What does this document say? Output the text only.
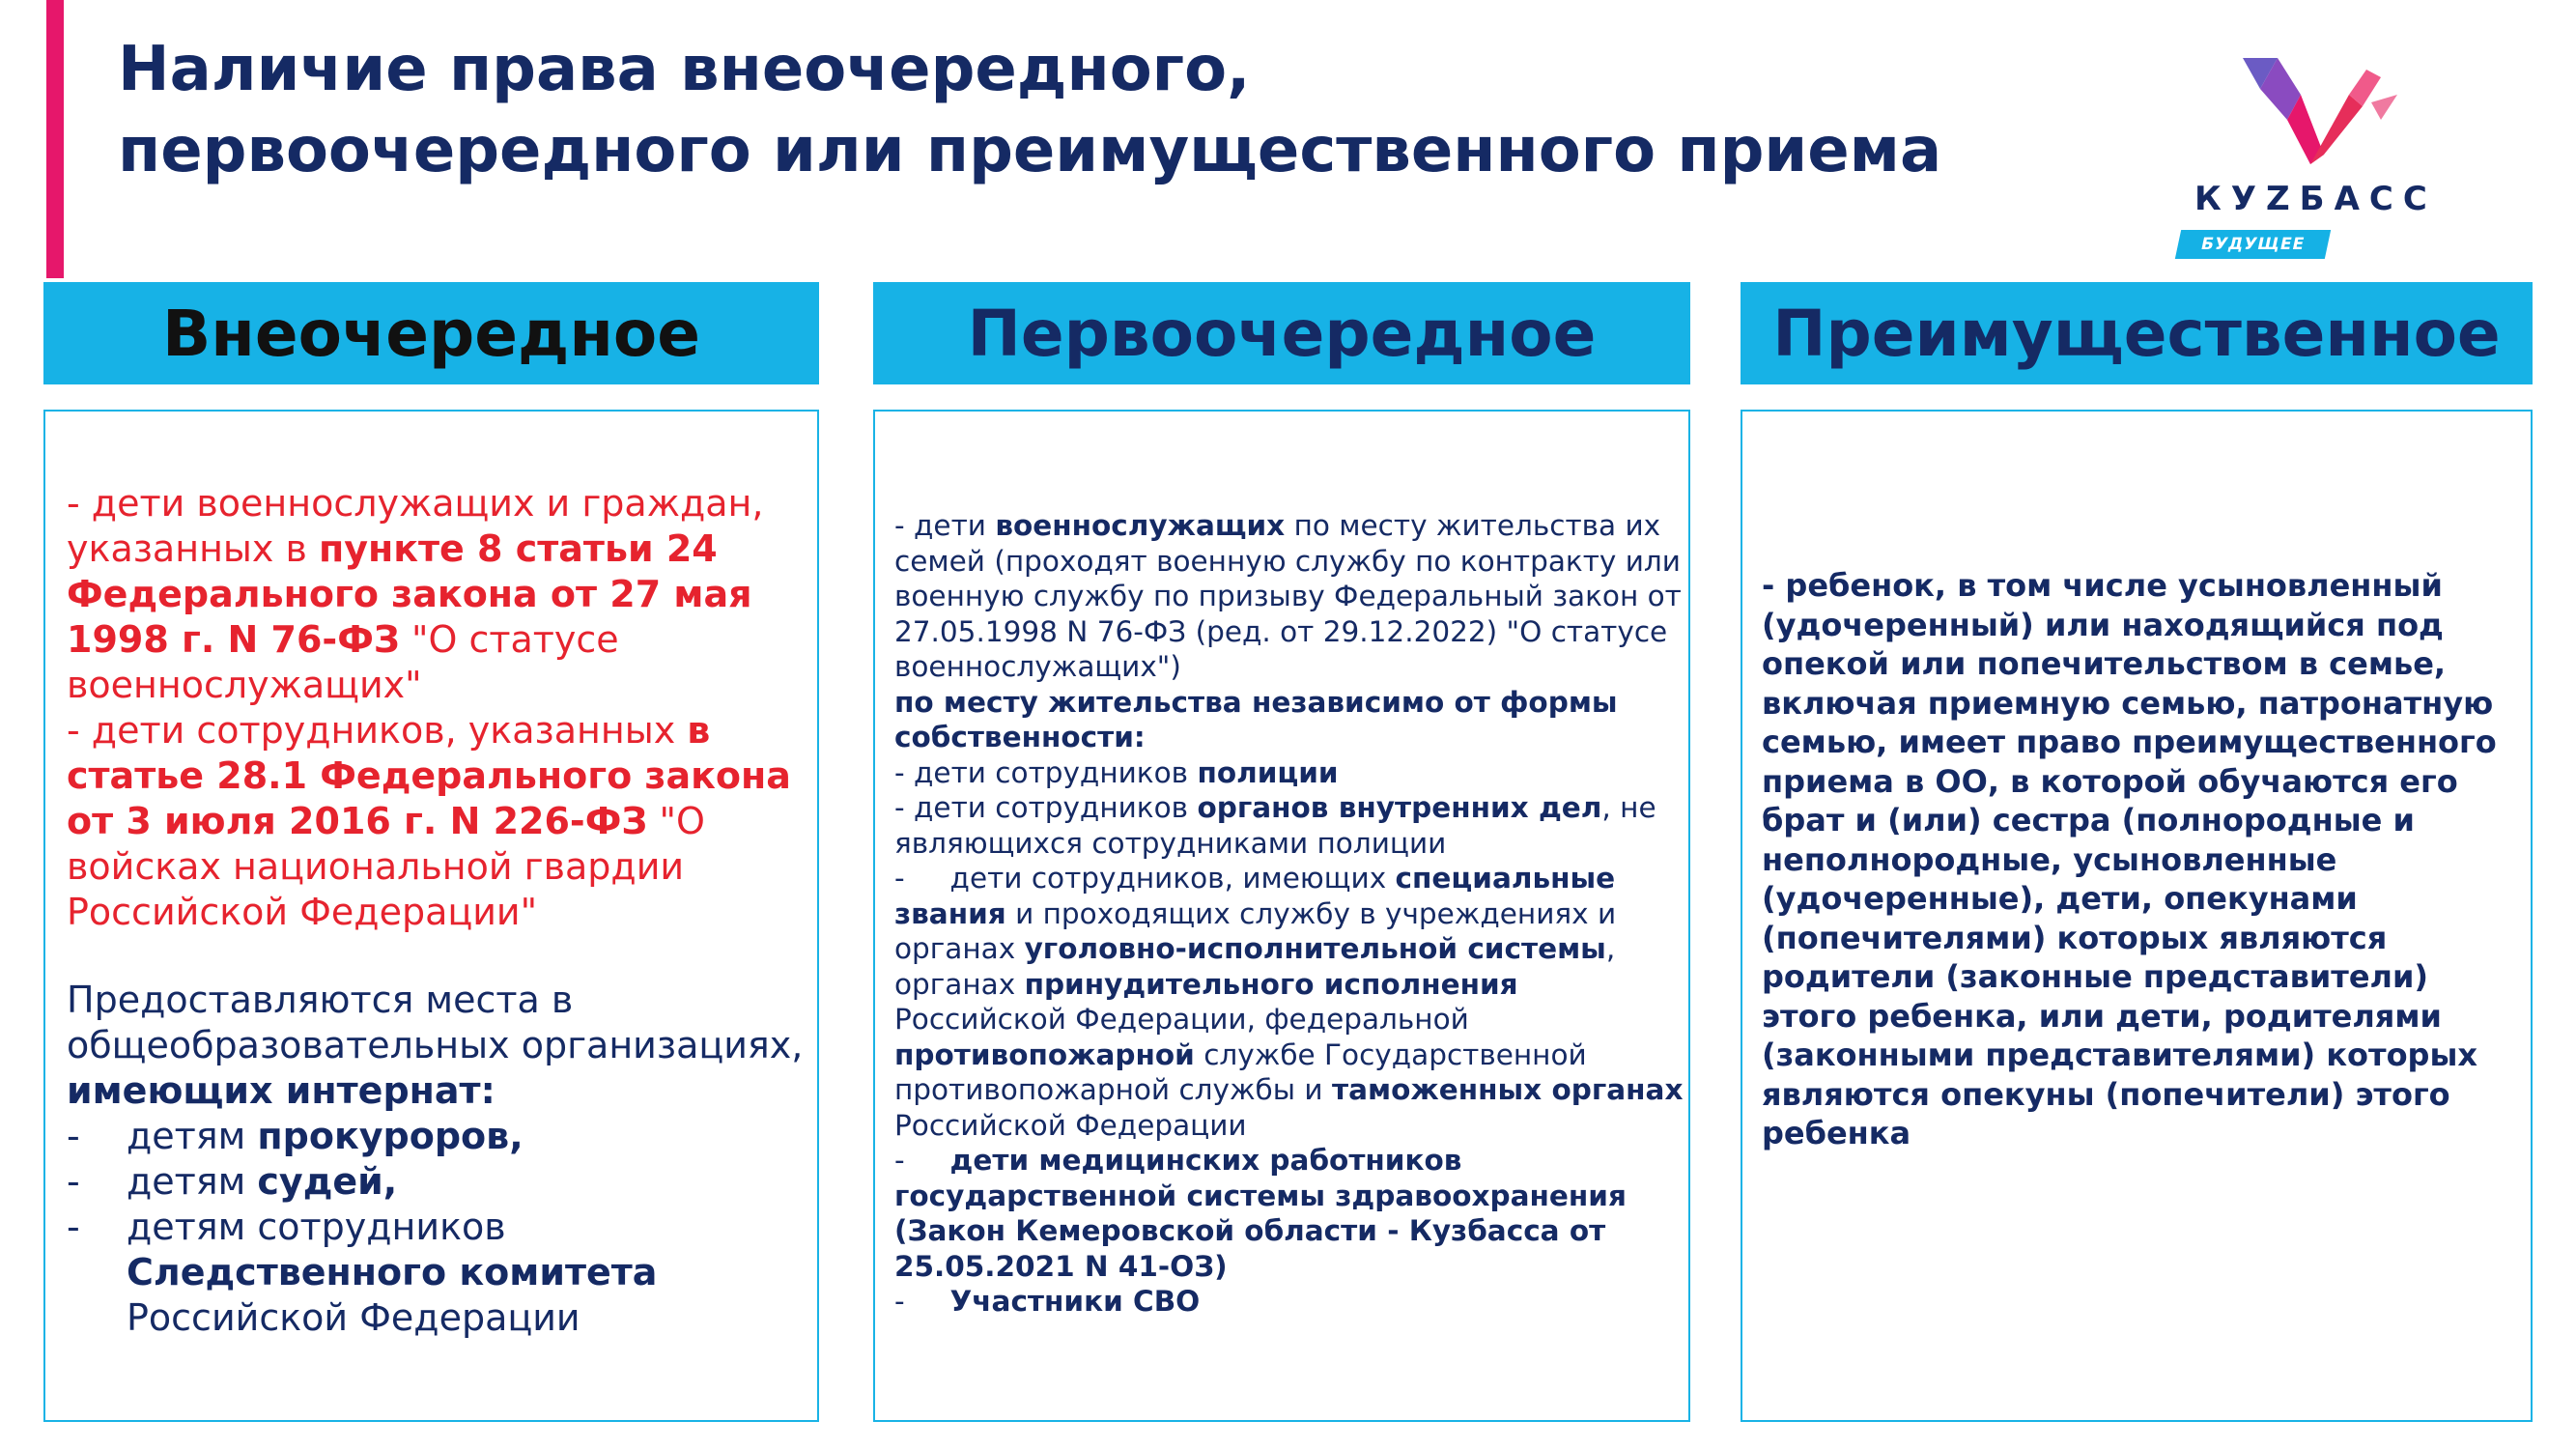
Наличие права внеочередного,
первоочередного или преимущественного приема
КУZБАСС
БУДУЩЕЕ
Внеочередное	Первоочередное	Преимущественное
- дети военнослужащих и граждан, указанных в пункте 8 статьи 24 Федерального закона от 27 мая 1998 г. N 76-ФЗ "О статусе военнослужащих"
- дети сотрудников, указанных в статье 28.1 Федерального закона от 3 июля 2016 г. N 226-ФЗ "О войсках национальной гвардии Российской Федерации"
Предоставляются места в общеобразовательных организациях, имеющих интернат:
-	детям прокуроров,
-	детям судей,
-	детям сотрудников Следственного комитета Российской Федерации
- дети военнослужащих по месту жительства их семей (проходят военную службу по контракту или военную службу по призыву Федеральный закон от 27.05.1998 N 76-ФЗ (ред. от 29.12.2022) "О статусе военнослужащих")
по месту жительства независимо от формы собственности:
- дети сотрудников полиции
- дети сотрудников органов внутренних дел, не являющихся сотрудниками полиции
- дети сотрудников, имеющих специальные звания и проходящих службу в учреждениях и органах уголовно-исполнительной системы, органах принудительного исполнения Российской Федерации, федеральной противопожарной службе Государственной противопожарной службы и таможенных органах Российской Федерации
- дети медицинских работников государственной системы здравоохранения (Закон Кемеровской области - Кузбасса от 25.05.2021 N 41-ОЗ)
- Участники СВО
- ребенок, в том числе усыновленный (удочеренный) или находящийся под опекой или попечительством в семье, включая приемную семью, патронатную семью, имеет право преимущественного приема в ОО, в которой обучаются его брат и (или) сестра (полнородные и неполнородные, усыновленные (удочеренные), дети, опекунами (попечителями) которых являются родители (законные представители) этого ребенка, или дети, родителями (законными представителями) которых являются опекуны (попечители) этого ребенка
